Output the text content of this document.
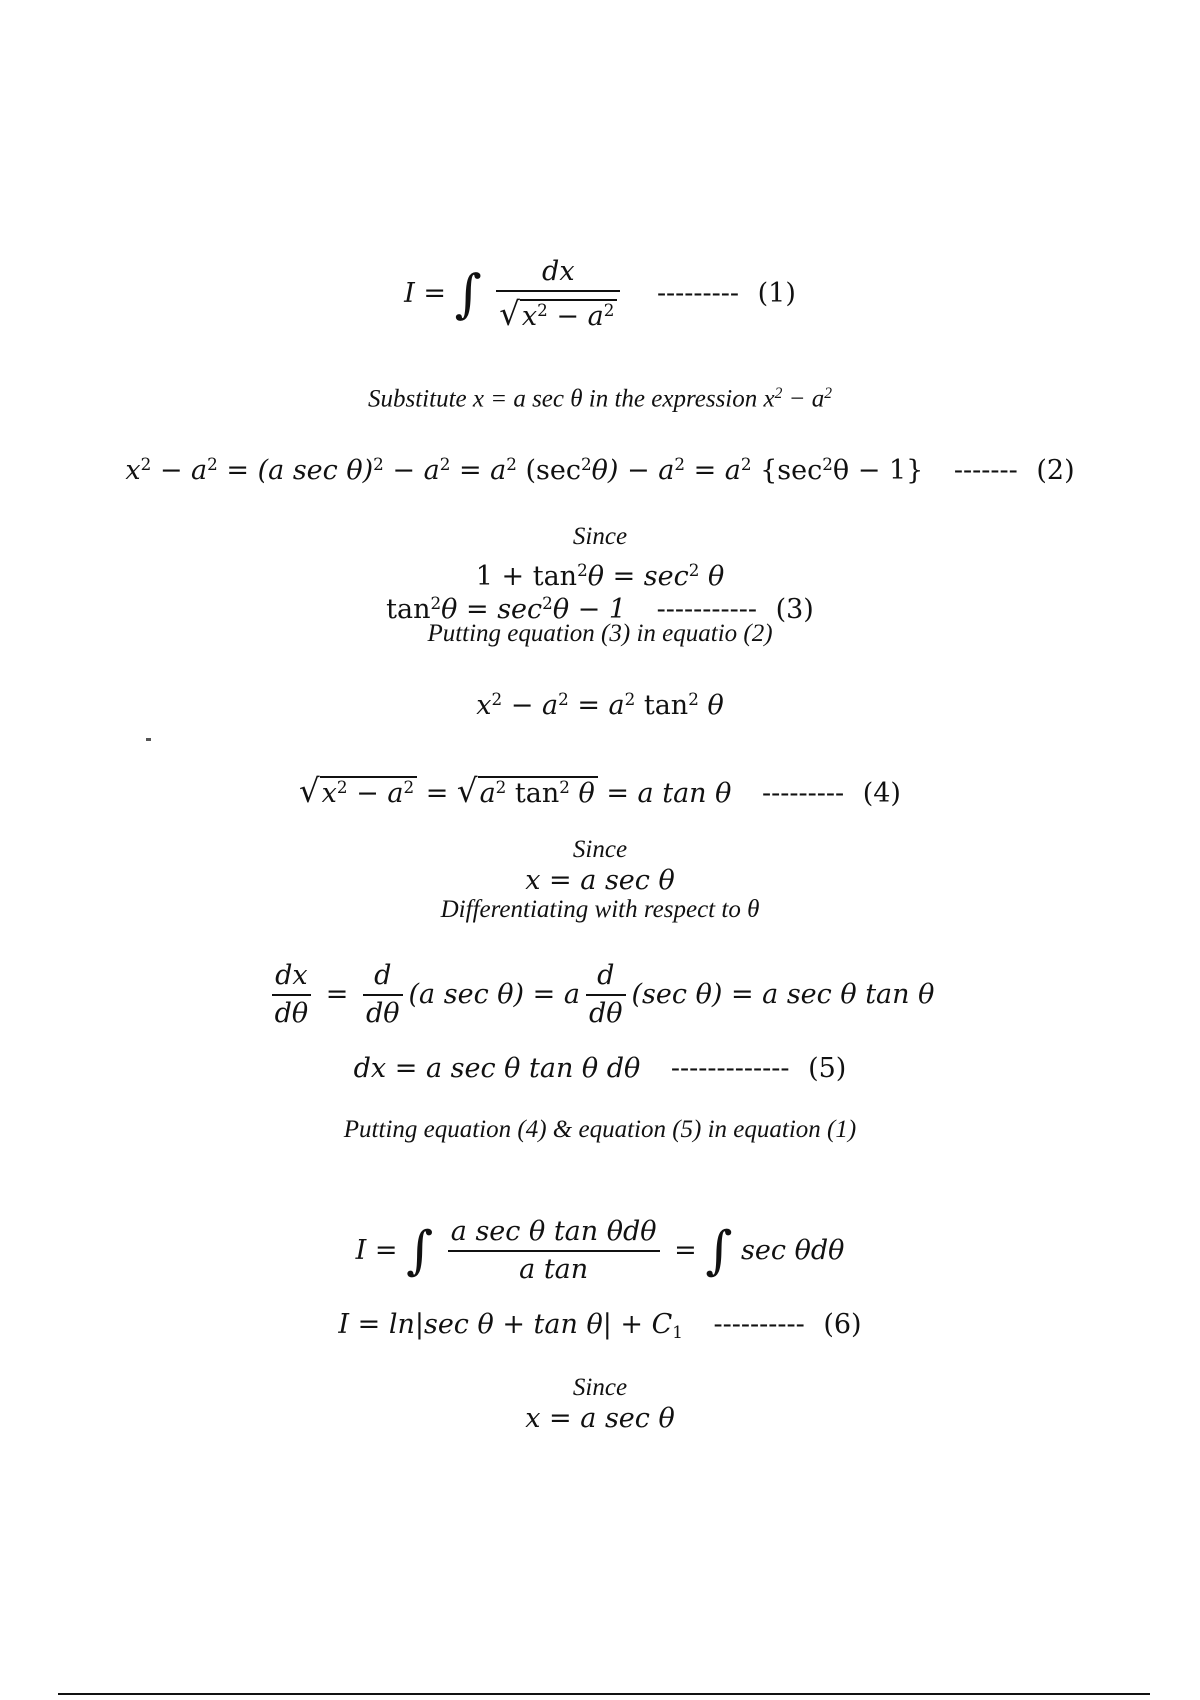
I = ∫ $\frac{dx}{√x^2 - a^2}$ --------- (1)
Substitute x = a sec θ in the expression $x^2 - a^2$
$x^2 - a^2 = (a$ $\sec \theta)^2 - a^2 = a^2$ $(\sec^2\theta) - a^2 = a^2$ $\{\sec^2\theta - 1\}$ ------- (2)
Since
$1 + \tan^2\theta = \sec^2 \theta$
$\tan^2\theta = \sec^2\theta - 1$ ----------- (3)
Putting equation (3) in equatio (2)
$x^2 - a^2 = a^2$ $\tan^2 \theta$
$√x^2 - a^2 = √a^2$ $\tan^2 \theta = a$ tan θ --------- (4)
Since
x = a sec θ
Differentiating with respect to θ
$\frac{dx}{d\theta} = \frac{d}{d\theta} (a$ sec θ) = a $\frac{d}{d\theta} (\sec$ θ) = a sec θ tan θ
dx = a sec θ tan θ dθ ------------- (5)
Putting equation (4) & equation (5) in equation (1)
I = ∫ $\frac{\text{a sec θ tan θdθ}}{\text{a tan}}$ = ∫ sec θdθ
I = ln|sec $\theta + \tan \theta| + C_1$ ---------- (6)
Since
x = a sec θ
